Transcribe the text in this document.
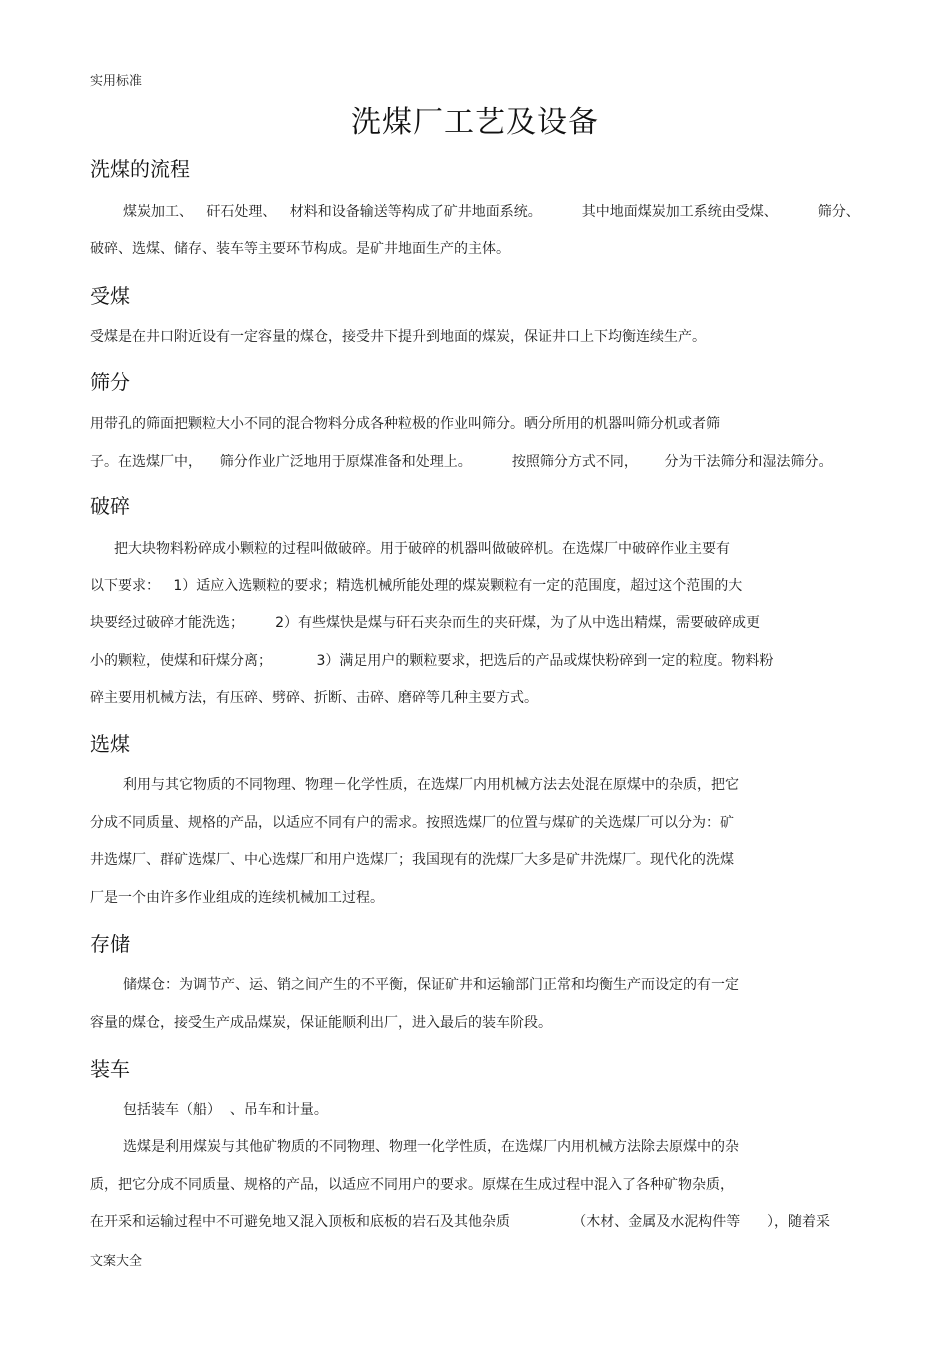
实用标准
洗煤厂工艺及设备
洗煤的流程
煤炭加工、   矸石处理、   材料和设备输送等构成了矿井地面系统。         其中地面煤炭加工系统由受煤、         筛分、
破碎、选煤、储存、装车等主要环节构成。是矿井地面生产的主体。
受煤
受煤是在井口附近设有一定容量的煤仓，接受井下提升到地面的煤炭，保证井口上下均衡连续生产。
筛分
用带孔的筛面把颗粒大小不同的混合物料分成各种粒极的作业叫筛分。晒分所用的机器叫筛分机或者筛
子。在选煤厂中，    筛分作业广泛地用于原煤准备和处理上。         按照筛分方式不同，      分为干法筛分和湿法筛分。
破碎
把大块物料粉碎成小颗粒的过程叫做破碎。用于破碎的机器叫做破碎机。在选煤厂中破碎作业主要有
以下要求：   1）适应入选颗粒的要求；精选机械所能处理的煤炭颗粒有一定的范围度，超过这个范围的大
块要经过破碎才能洗选；       2）有些煤快是煤与矸石夹杂而生的夹矸煤，为了从中选出精煤，需要破碎成更
小的颗粒，使煤和矸煤分离；          3）满足用户的颗粒要求，把选后的产品或煤快粉碎到一定的粒度。物料粉
碎主要用机械方法，有压碎、劈碎、折断、击碎、磨碎等几种主要方式。
选煤
利用与其它物质的不同物理、物理－化学性质，在选煤厂内用机械方法去处混在原煤中的杂质，把它
分成不同质量、规格的产品，以适应不同有户的需求。按照选煤厂的位置与煤矿的关选煤厂可以分为：矿
井选煤厂、群矿选煤厂、中心选煤厂和用户选煤厂；我国现有的洗煤厂大多是矿井洗煤厂。现代化的洗煤
厂是一个由许多作业组成的连续机械加工过程。
存储
储煤仓：为调节产、运、销之间产生的不平衡，保证矿井和运输部门正常和均衡生产而设定的有一定
容量的煤仓，接受生产成品煤炭，保证能顺利出厂，进入最后的装车阶段。
装车
包括装车（船）  、吊车和计量。
选煤是利用煤炭与其他矿物质的不同物理、物理一化学性质，在选煤厂内用机械方法除去原煤中的杂
质，把它分成不同质量、规格的产品，以适应不同用户的要求。原煤在生成过程中混入了各种矿物杂质，
在开采和运输过程中不可避免地又混入顶板和底板的岩石及其他杂质              （木材、金属及水泥构件等      ），随着采
文案大全
